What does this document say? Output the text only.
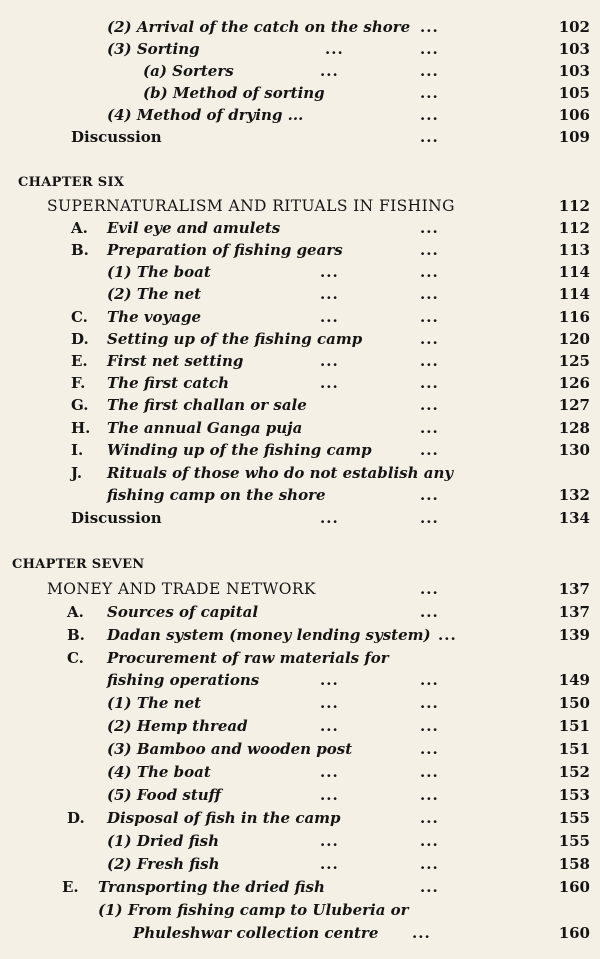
(2) Arrival of the catch on the shore ...	102
(3) Sorting	...	...	103
(a) Sorters	...	...	103
(b) Method of sorting	...	105
(4) Method of drying ...	...	106
Discussion	...	109
CHAPTER SIX
SUPERNATURALISM AND RITUALS IN FISHING	112
A. Evil eye and amulets	...	112
B. Preparation of fishing gears	...	113
(1) The boat	...	...	114
(2) The net	...	...	114
C. The voyage	...	...	116
D. Setting up of the fishing camp	...	120
E. First net setting	...	...	125
F. The first catch	...	...	126
G. The first challan or sale	...	127
H. The annual Ganga puja	...	128
I. Winding up of the fishing camp	...	130
J. Rituals of those who do not establish any
fishing camp on the shore	...	132
Discussion	...	...	134
CHAPTER SEVEN
MONEY AND TRADE NETWORK	...	137
A. Sources of capital	...	137
B. Dadan system (money lending system) ...	139
C. Procurement of raw materials for
fishing operations	...	...	149
(1) The net	...	...	150
(2) Hemp thread	...	...	151
(3) Bamboo and wooden post	...	151
(4) The boat	...	...	152
(5) Food stuff	...	...	153
D. Disposal of fish in the camp	...	155
(1) Dried fish	...	...	155
(2) Fresh fish	...	...	158
E. Transporting the dried fish	...	160
(1) From fishing camp to Uluberia or
Phuleshwar collection centre ...	160
